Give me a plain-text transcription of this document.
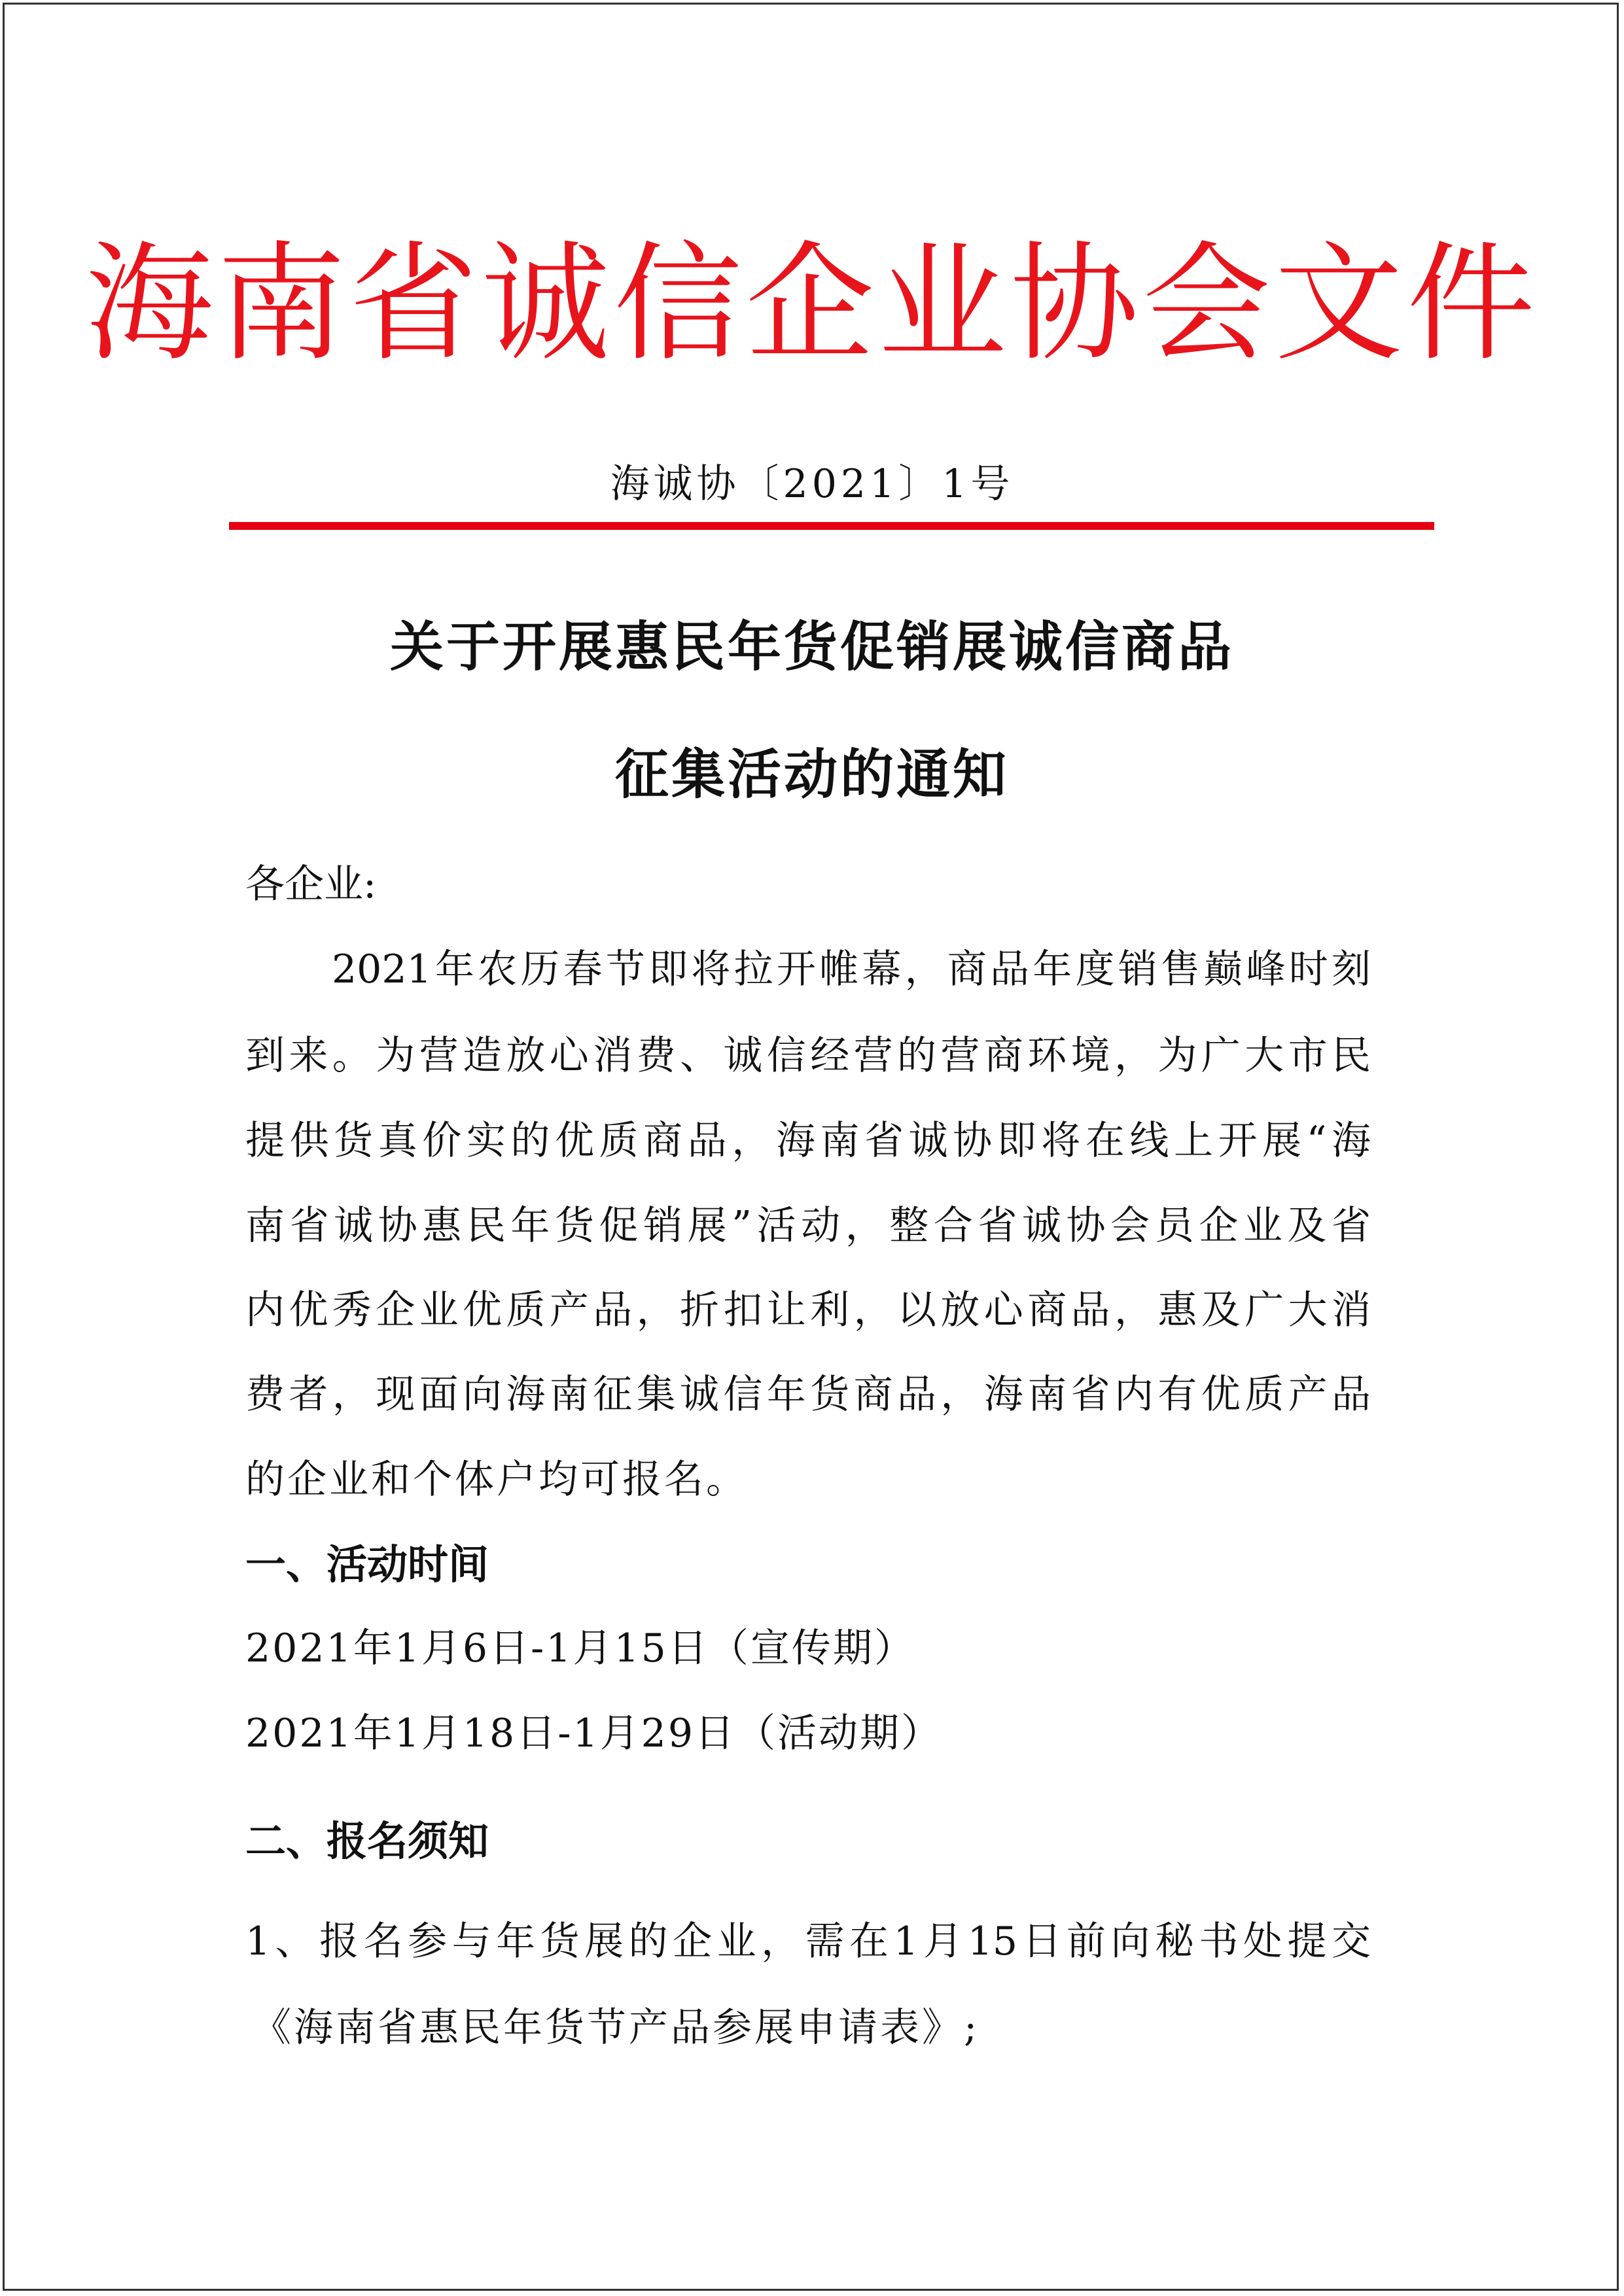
海南省诚信企业协会文件
海诚协〔2021〕1号
关于开展惠民年货促销展诚信商品
征集活动的通知
各企业:
2021年农历春节即将拉开帷幕，商品年度销售巅峰时刻
到来。为营造放心消费、诚信经营的营商环境，为广大市民
提供货真价实的优质商品，海南省诚协即将在线上开展“海
南省诚协惠民年货促销展”活动，整合省诚协会员企业及省
内优秀企业优质产品，折扣让利，以放心商品，惠及广大消
费者，现面向海南征集诚信年货商品，海南省内有优质产品
的企业和个体户均可报名。
一、活动时间
2021年1月6日-1月15日（宣传期）
2021年1月18日-1月29日（活动期）
二、报名须知
1、报名参与年货展的企业，需在1月15日前向秘书处提交
《海南省惠民年货节产品参展申请表》;
